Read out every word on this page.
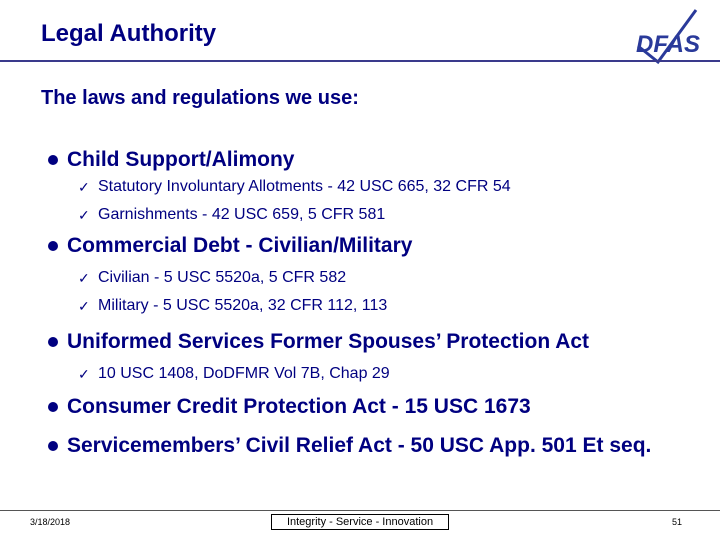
Legal Authority	DFAS
The laws and regulations we use:
Child Support/Alimony
✓ Statutory Involuntary Allotments - 42 USC 665, 32 CFR 54
✓ Garnishments - 42 USC 659, 5 CFR 581
Commercial Debt - Civilian/Military
✓ Civilian - 5 USC 5520a, 5 CFR 582
✓ Military - 5 USC 5520a, 32 CFR 112, 113
Uniformed Services Former Spouses’ Protection Act
✓ 10 USC 1408, DoDFMR Vol 7B, Chap 29
Consumer Credit Protection Act - 15 USC 1673
Servicemembers’ Civil Relief Act - 50 USC App. 501 Et seq.
3/18/2018	Integrity - Service - Innovation	51
